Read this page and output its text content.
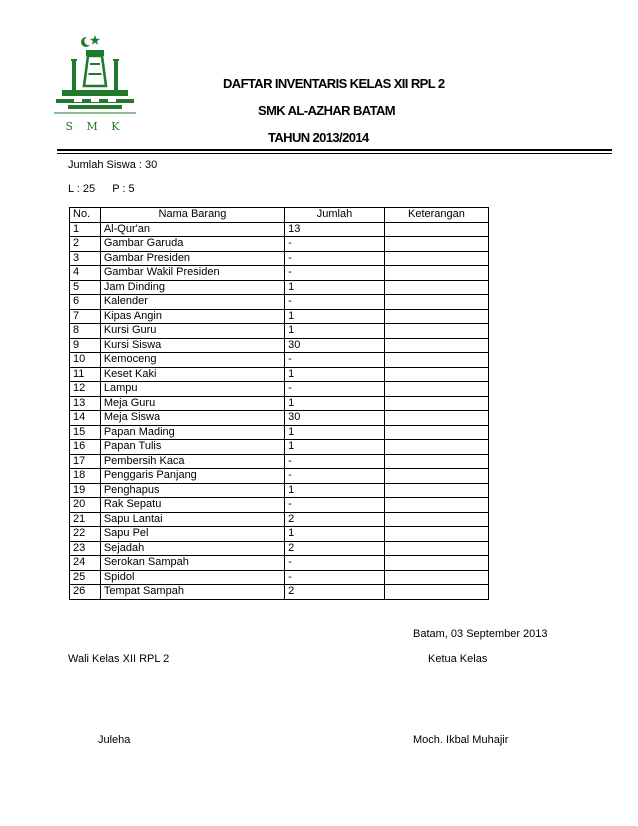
S M K
DAFTAR INVENTARIS KELAS XII RPL 2
SMK AL-AZHAR BATAM
TAHUN 2013/2014
Jumlah Siswa : 30
L : 25 P : 5
No.	Nama Barang	Jumlah	Keterangan
1	Al-Qur'an	13	
2	Gambar Garuda	-	
3	Gambar Presiden	-	
4	Gambar Wakil Presiden	-	
5	Jam Dinding	1	
6	Kalender	-	
7	Kipas Angin	1	
8	Kursi Guru	1	
9	Kursi Siswa	30	
10	Kemoceng	-	
11	Keset Kaki	1	
12	Lampu	-	
13	Meja Guru	1	
14	Meja Siswa	30	
15	Papan Mading	1	
16	Papan Tulis	1	
17	Pembersih Kaca	-	
18	Penggaris Panjang	-	
19	Penghapus	1	
20	Rak Sepatu	-	
21	Sapu Lantai	2	
22	Sapu Pel	1	
23	Sejadah	2	
24	Serokan Sampah	-	
25	Spidol	-	
26	Tempat Sampah	2	
Batam, 03 September 2013
Wali Kelas XII RPL 2	Ketua Kelas
Juleha	Moch. Ikbal Muhajir
